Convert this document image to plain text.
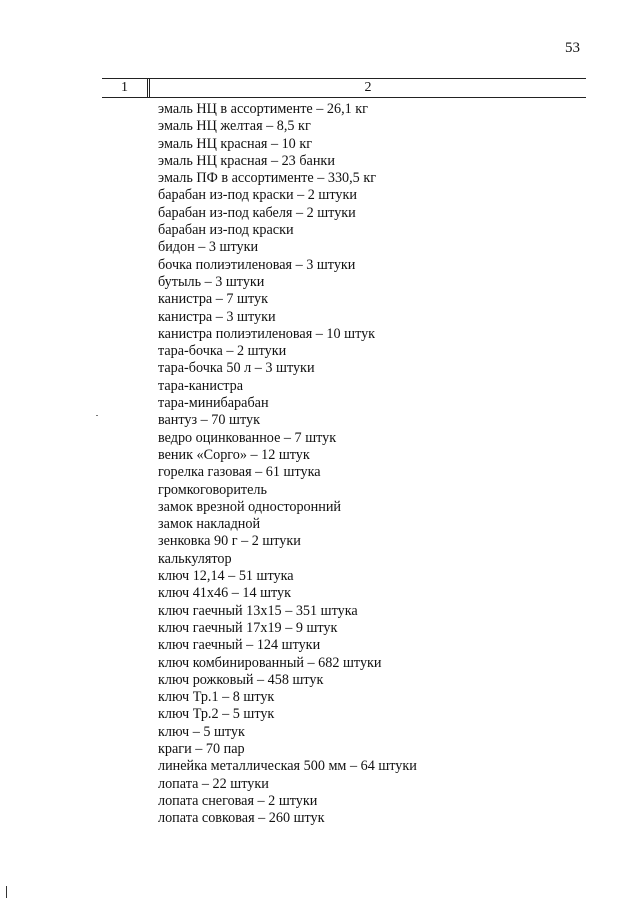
53
1	2
эмаль НЦ в ассортименте – 26,1 кг
эмаль НЦ желтая – 8,5 кг
эмаль НЦ красная – 10 кг
эмаль НЦ красная – 23 банки
эмаль ПФ в ассортименте – 330,5 кг
барабан из-под краски – 2 штуки
барабан из-под кабеля – 2 штуки
барабан из-под краски
бидон – 3 штуки
бочка полиэтиленовая – 3 штуки
бутыль – 3 штуки
канистра – 7 штук
канистра – 3 штуки
канистра полиэтиленовая – 10 штук
тара-бочка – 2 штуки
тара-бочка 50 л – 3 штуки
тара-канистра
тара-минибарабан
вантуз – 70 штук
ведро оцинкованное – 7 штук
веник «Сорго» – 12 штук
горелка газовая – 61 штука
громкоговоритель
замок врезной односторонний
замок накладной
зенковка 90 г – 2 штуки
калькулятор
ключ 12,14 – 51 штука
ключ 41х46 – 14 штук
ключ гаечный 13х15 – 351 штука
ключ гаечный 17х19 – 9 штук
ключ гаечный – 124 штуки
ключ комбинированный – 682 штуки
ключ рожковый – 458 штук
ключ Тр.1 – 8 штук
ключ Тр.2 – 5 штук
ключ – 5 штук
краги – 70 пар
линейка металлическая 500 мм – 64 штуки
лопата – 22 штуки
лопата снеговая – 2 штуки
лопата совковая – 260 штук
